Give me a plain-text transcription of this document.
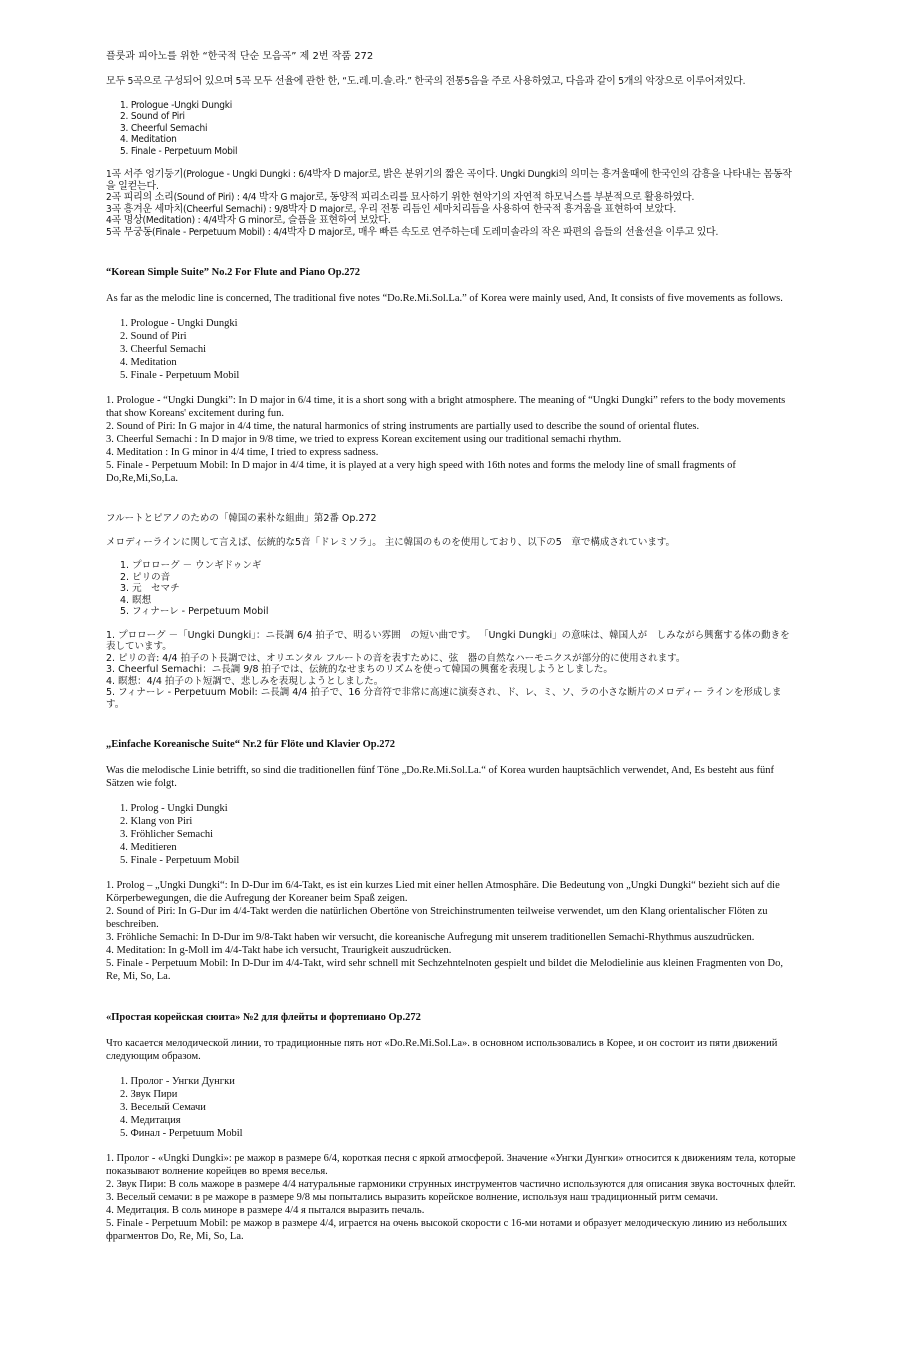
플룻과 피아노를 위한 “한국적 단순 모음곡” 제 2번 작품 272
모두 5곡으로 구성되어 있으며 5곡 모두 선율에 관한 한, “도.레.미.솔.라.” 한국의 전통5음을 주로 사용하였고, 다음과 같이 5개의 악장으로 이루어져있다.
1. Prologue -Ungki Dungki
2. Sound of Piri
3. Cheerful Semachi
4. Meditation
5. Finale - Perpetuum Mobil

1곡 서주 엉기둥기(Prologue - Ungki Dungki : 6/4박자 D major로, 밝은 분위기의 짧은 곡이다. Ungki Dungki의 의미는 흥겨울때에 한국인의 감흥을 나타내는 몸동작을 일컫는다.

2곡 피리의 소리(Sound of Piri) : 4/4 박자 G major로, 동양적 피리소리를 묘사하기 위한 현악기의 자연적 하모닉스를 부분적으로 활용하였다.

3곡 흥겨운 세마치(Cheerful Semachi) : 9/8박자 D major로, 우리 전통 리듬인 세마치리듬을 사용하여 한국적 흥겨움을 표현하여 보았다.

4곡 명상(Meditation) : 4/4박자 G minor로, 슬픔을 표현하여 보았다.

5곡 무궁동(Finale - Perpetuum Mobil) : 4/4박자 D major로, 매우 빠른 속도로 연주하는데 도레미솔라의 작은 파편의 음들의 선율선을 이루고 있다.

“Korean Simple Suite” No.2 For Flute and Piano Op.272
As far as the melodic line is concerned, The traditional five notes “Do.Re.Mi.Sol.La.” of Korea were mainly used, And, It consists of five movements as follows.
1. Prologue - Ungki Dungki
2. Sound of Piri
3. Cheerful Semachi
4. Meditation
5. Finale - Perpetuum Mobil

1. Prologue - “Ungki Dungki”: In D major in 6/4 time, it is a short song with a bright atmosphere. The meaning of “Ungki Dungki” refers to the body movements that show Koreans' excitement during fun.

2. Sound of Piri: In G major in 4/4 time, the natural harmonics of string instruments are partially used to describe the sound of oriental flutes.

3. Cheerful Semachi : In D major in 9/8 time, we tried to express Korean excitement using our traditional semachi rhythm.

4. Meditation : In G minor in 4/4 time, I tried to express sadness.

5. Finale - Perpetuum Mobil: In D major in 4/4 time, it is played at a very high speed with 16th notes and forms the melody line of small fragments of Do,Re,Mi,So,La.

フルートとピアノのための「韓国の素朴な組曲」第2番 Op.272
メロディーラインに関して言えば、伝統的な5音「ドレミソラ」。 主に韓国のものを使用しており、以下の5　章で構成されています。
1. プロローグ － ウンギドゥンギ
2. ピリの音
3. 元　セマチ
4. 瞑想
5. フィナーレ - Perpetuum Mobil

1. プロローグ －「Ungki Dungki」：ニ長調 6/4 拍子で、明るい雰囲　の短い曲です。 「Ungki Dungki」の意味は、韓国人が　しみながら興奮する体の動きを表しています。

2. ピリの音: 4/4 拍子のト長調では、オリエンタル フルートの音を表すために、弦　器の自然なハーモニクスが部分的に使用されます。

3. Cheerful Semachi：ニ長調 9/8 拍子では、伝統的なせまちのリズムを使って韓国の興奮を表現しようとしました。

4. 瞑想：4/4 拍子のト短調で、悲しみを表現しようとしました。

5. フィナーレ - Perpetuum Mobil: ニ長調 4/4 拍子で、16 分音符で非常に高速に演奏され、ド、レ、ミ、ソ、ラの小さな断片のメロディー ラインを形成します。

„Einfache Koreanische Suite“ Nr.2 für Flöte und Klavier Op.272
Was die melodische Linie betrifft, so sind die traditionellen fünf Töne „Do.Re.Mi.Sol.La.“ of Korea wurden hauptsächlich verwendet, And, Es besteht aus fünf Sätzen wie folgt.
1. Prolog - Ungki Dungki
2. Klang von Piri
3. Fröhlicher Semachi
4. Meditieren
5. Finale - Perpetuum Mobil

1. Prolog – „Ungki Dungki“: In D-Dur im 6/4-Takt, es ist ein kurzes Lied mit einer hellen Atmosphäre. Die Bedeutung von „Ungki Dungki“ bezieht sich auf die Körperbewegungen, die die Aufregung der Koreaner beim Spaß zeigen.

2. Sound of Piri: In G-Dur im 4/4-Takt werden die natürlichen Obertöne von Streichinstrumenten teilweise verwendet, um den Klang orientalischer Flöten zu beschreiben.

3. Fröhliche Semachi: In D-Dur im 9/8-Takt haben wir versucht, die koreanische Aufregung mit unserem traditionellen Semachi-Rhythmus auszudrücken.

4. Meditation: In g-Moll im 4/4-Takt habe ich versucht, Traurigkeit auszudrücken.

5. Finale - Perpetuum Mobil: In D-Dur im 4/4-Takt, wird sehr schnell mit Sechzehntelnoten gespielt und bildet die Melodielinie aus kleinen Fragmenten von Do, Re, Mi, So, La.

«Простая корейская сюита» №2 для флейты и фортепиано Op.272
Что касается мелодической линии, то традиционные пять нот «Do.Re.Mi.Sol.La». в основном использовались в Корее, и он состоит из пяти движений следующим образом.
1. Пролог - Унгки Дунгки
2. Звук Пири
3. Веселый Семачи
4. Медитация
5. Финал - Perpetuum Mobil

1. Пролог - «Ungki Dungki»: ре мажор в размере 6/4, короткая песня с яркой атмосферой. Значение «Унгки Дунгки» относится к движениям тела, которые показывают волнение корейцев во время веселья.

2. Звук Пири: В соль мажоре в размере 4/4 натуральные гармоники струнных инструментов частично используются для описания звука восточных флейт.

3. Веселый семачи: в ре мажоре в размере 9/8 мы попытались выразить корейское волнение, используя наш традиционный ритм семачи.

4. Медитация. В соль миноре в размере 4/4 я пытался выразить печаль.

5. Finale - Perpetuum Mobil: ре мажор в размере 4/4, играется на очень высокой скорости с 16-ми нотами и образует мелодическую линию из небольших фрагментов Do, Re, Mi, So, La.
